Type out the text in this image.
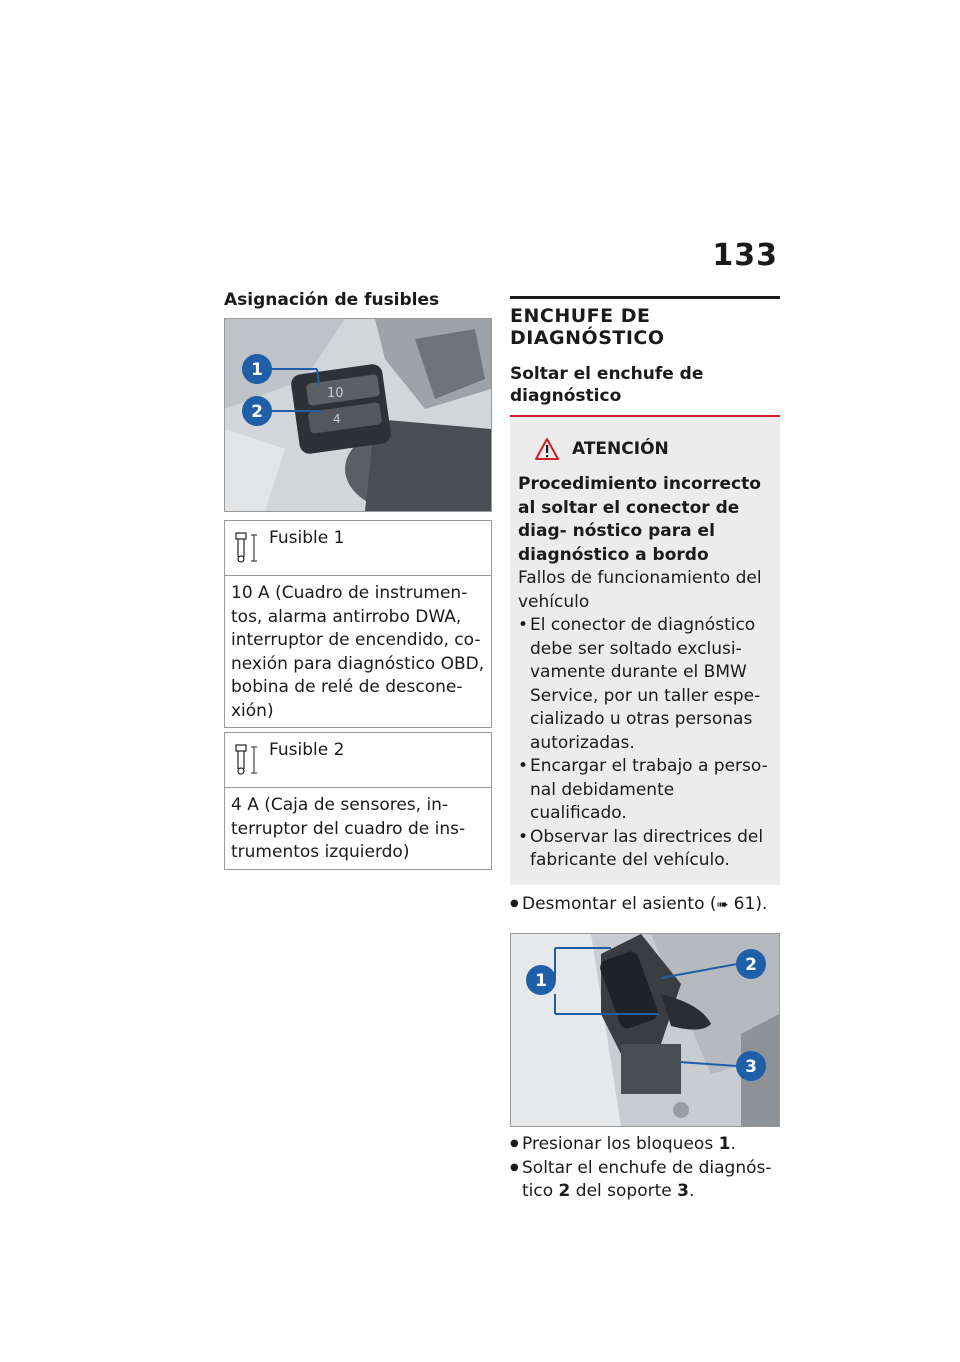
133
Asignación de fusibles
10
4
1
2
Fusible 1
10 A (Cuadro de instrumen- tos, alarma antirrobo DWA, interruptor de encendido, co- nexión para diagnóstico OBD, bobina de relé de descone- xión)
Fusible 2
4 A (Caja de sensores, in- terruptor del cuadro de ins- trumentos izquierdo)
ENCHUFE DE DIAGNÓSTICO
Soltar el enchufe de diagnóstico
ATENCIÓN
Procedimiento incorrecto al soltar el conector de diag- nóstico para el diagnóstico a bordo
Fallos de funcionamiento del vehículo
• El conector de diagnóstico debe ser soltado exclusi- vamente durante el BMW Service, por un taller espe- cializado u otras personas autorizadas.
• Encargar el trabajo a perso- nal debidamente cualificado.
• Observar las directrices del fabricante del vehículo.
● Desmontar el asiento (➠ 61).
1
2
3
● Presionar los bloqueos 1.
● Soltar el enchufe de diagnós- tico 2 del soporte 3.
